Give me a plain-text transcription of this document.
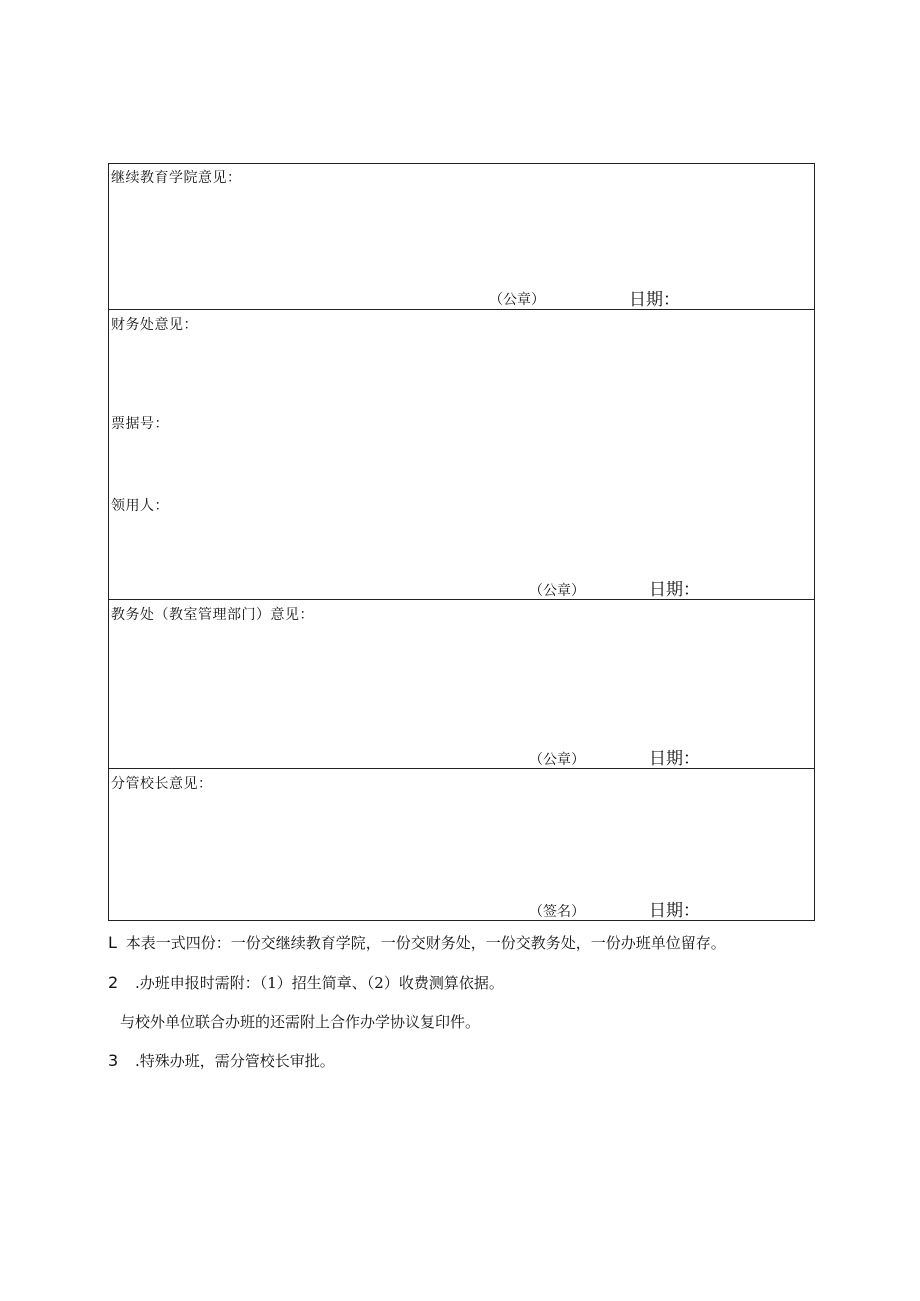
继续教育学院意见：
（公章）	日期：
财务处意见：
票据号：
领用人：
（公章）	日期：
教务处（教室管理部门）意见：
（公章）	日期：
分管校长意见：
（签名）	日期：
L 本表一式四份：一份交继续教育学院，一份交财务处，一份交教务处，一份办班单位留存。
2 .办班申报时需附：（1）招生简章、（2）收费测算依据。
与校外单位联合办班的还需附上合作办学协议复印件。
3 .特殊办班，需分管校长审批。
